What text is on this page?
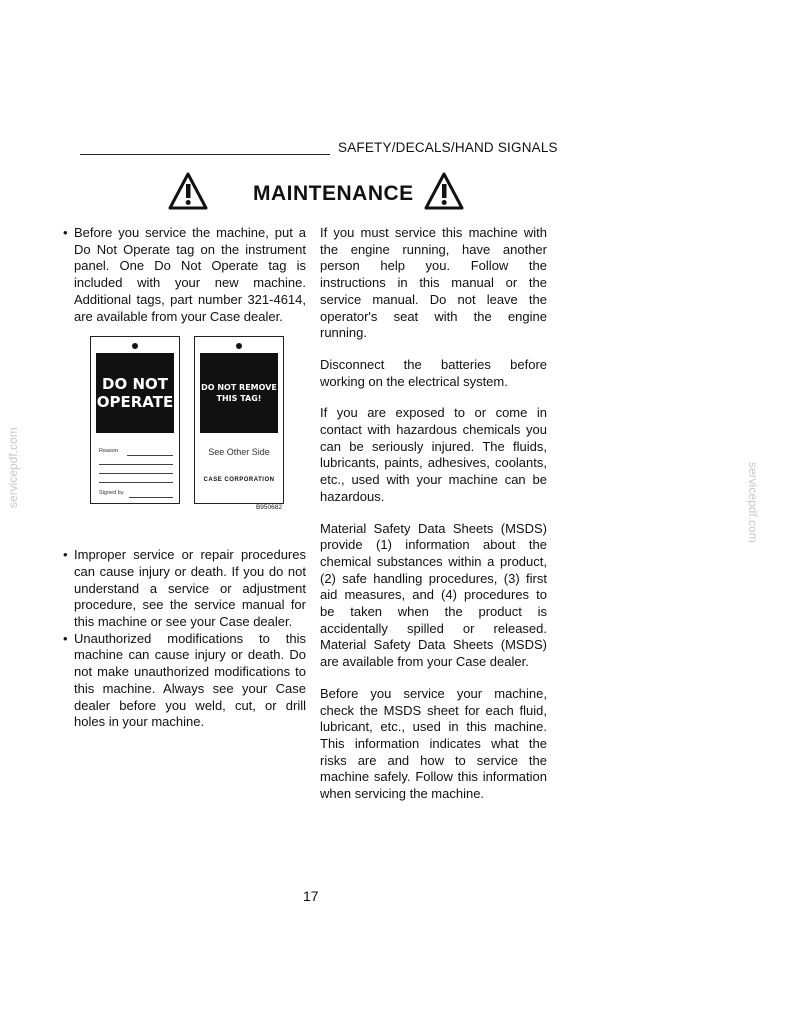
SAFETY/DECALS/HAND SIGNALS
MAINTENANCE

• Before you service the machine, put a Do Not Operate tag on the instrument panel. One Do Not Operate tag is included with your new machine. Additional tags, part number 321-4614, are available from your Case dealer.

• Improper service or repair procedures can cause injury or death. If you do not understand a service or adjustment procedure, see the service manual for this machine or see your Case dealer.

• Unauthorized modifications to this machine can cause injury or death. Do not make unauthorized modifications to this machine. Always see your Case dealer before you weld, cut, or drill holes in your machine.

DO NOT
OPERATE
Reason
Signed by
DO NOT REMOVE
THIS TAG!
See Other Side
CASE CORPORATION
B950682

If you must service this machine with the engine running, have another person help you. Follow the instructions in this manual or the service manual. Do not leave the operator's seat with the engine running.

Disconnect the batteries before working on the electrical system.

If you are exposed to or come in contact with hazardous chemicals you can be seriously injured. The fluids, lubricants, paints, adhesives, coolants, etc., used with your machine can be hazardous.

Material Safety Data Sheets (MSDS) provide (1) information about the chemical substances within a product, (2) safe handling procedures, (3) first aid measures, and (4) procedures to be taken when the product is accidentally spilled or released. Material Safety Data Sheets (MSDS) are available from your Case dealer.

Before you service your machine, check the MSDS sheet for each fluid, lubricant, etc., used in this machine. This information indicates what the risks are and how to service the machine safely. Follow this information when servicing the machine.

17
servicepdf.com	servicepdf.com
